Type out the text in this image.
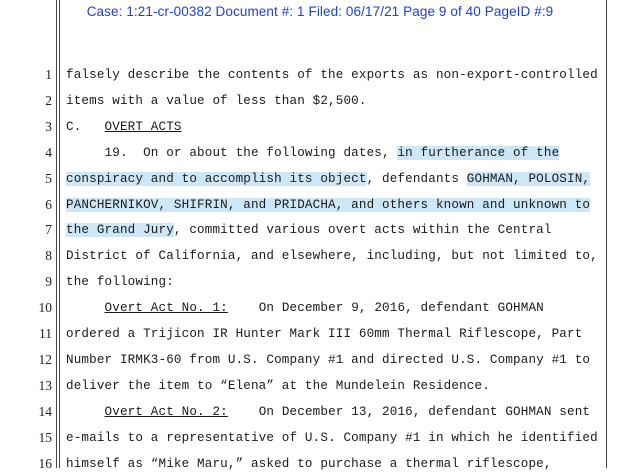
Case: 1:21-cr-00382 Document #: 1 Filed: 06/17/21 Page 9 of 40 PageID #:9
1 falsely describe the contents of the exports as non-export-controlled
2 items with a value of less than $2,500.
3 C.   OVERT ACTS
4 19.  On or about the following dates, in furtherance of the
5 conspiracy and to accomplish its object, defendants GOHMAN, POLOSIN,
6 PANCHERNIKOV, SHIFRIN, and PRIDACHA, and others known and unknown to
7 the Grand Jury, committed various overt acts within the Central
8 District of California, and elsewhere, including, but not limited to,
9 the following:
10	Overt Act No. 1:    On December 9, 2016, defendant GOHMAN
11 ordered a Trijicon IR Hunter Mark III 60mm Thermal Riflescope, Part
12 Number IRMK3-60 from U.S. Company #1 and directed U.S. Company #1 to
13 deliver the item to “Elena” at the Mundelein Residence.
14	Overt Act No. 2:    On December 13, 2016, defendant GOHMAN sent
15 e-mails to a representative of U.S. Company #1 in which he identified
16 himself as “Mike Maru,” asked to purchase a thermal riflescope,
